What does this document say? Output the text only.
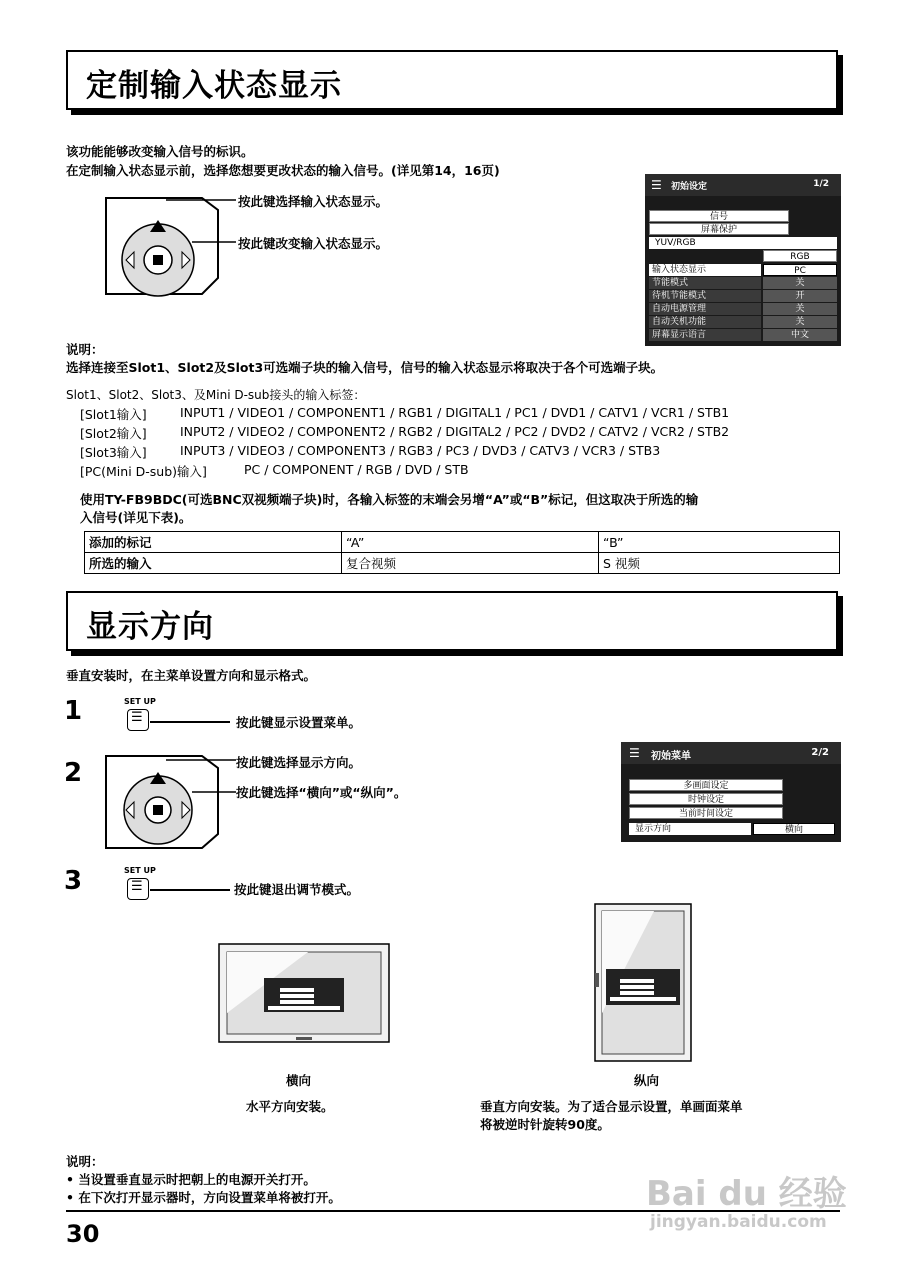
定制输入状态显示
该功能能够改变输入信号的标识。
在定制输入状态显示前，选择您想要更改状态的输入信号。(详见第14，16页)
按此键选择输入状态显示。
按此键改变输入状态显示。
☰ 初始设定	1/2
信号
屏幕保护
YUV/RGB
RGB
输入状态显示	PC
节能模式	关
待机节能模式	开
自动电源管理	关
自动关机功能	关
屏幕显示语言	中文
说明：
选择连接至Slot1、Slot2及Slot3可选端子块的输入信号，信号的输入状态显示将取决于各个可选端子块。
Slot1、Slot2、Slot3、及Mini D-sub接头的输入标签：
[Slot1输入]	INPUT1 / VIDEO1 / COMPONENT1 / RGB1 / DIGITAL1 / PC1 / DVD1 / CATV1 / VCR1 / STB1
[Slot2输入]	INPUT2 / VIDEO2 / COMPONENT2 / RGB2 / DIGITAL2 / PC2 / DVD2 / CATV2 / VCR2 / STB2
[Slot3输入]	INPUT3 / VIDEO3 / COMPONENT3 / RGB3 / PC3 / DVD3 / CATV3 / VCR3 / STB3
[PC(Mini D-sub)输入]	PC / COMPONENT / RGB / DVD / STB
使用TY-FB9BDC(可选BNC双视频端子块)时，各输入标签的末端会另增“A”或“B”标记，但这取决于所选的输
入信号(详见下表)。
添加的标记	“A”	“B”
所选的输入	复合视频	S 视频
显示方向
垂直安装时，在主菜单设置方向和显示格式。
1	SET UP
☰	按此键显示设置菜单。
2	按此键选择显示方向。
按此键选择“横向”或“纵向”。
☰ 初始菜单	2/2
多画面设定
时钟设定
当前时间设定
显示方向	横向
3	SET UP
☰	按此键退出调节模式。
横向
水平方向安装。
纵向
垂直方向安装。为了适合显示设置，单画面菜单
将被逆时针旋转90度。
说明：
• 当设置垂直显示时把朝上的电源开关打开。
• 在下次打开显示器时，方向设置菜单将被打开。
30
Bai du 经验
jingyan.baidu.com
